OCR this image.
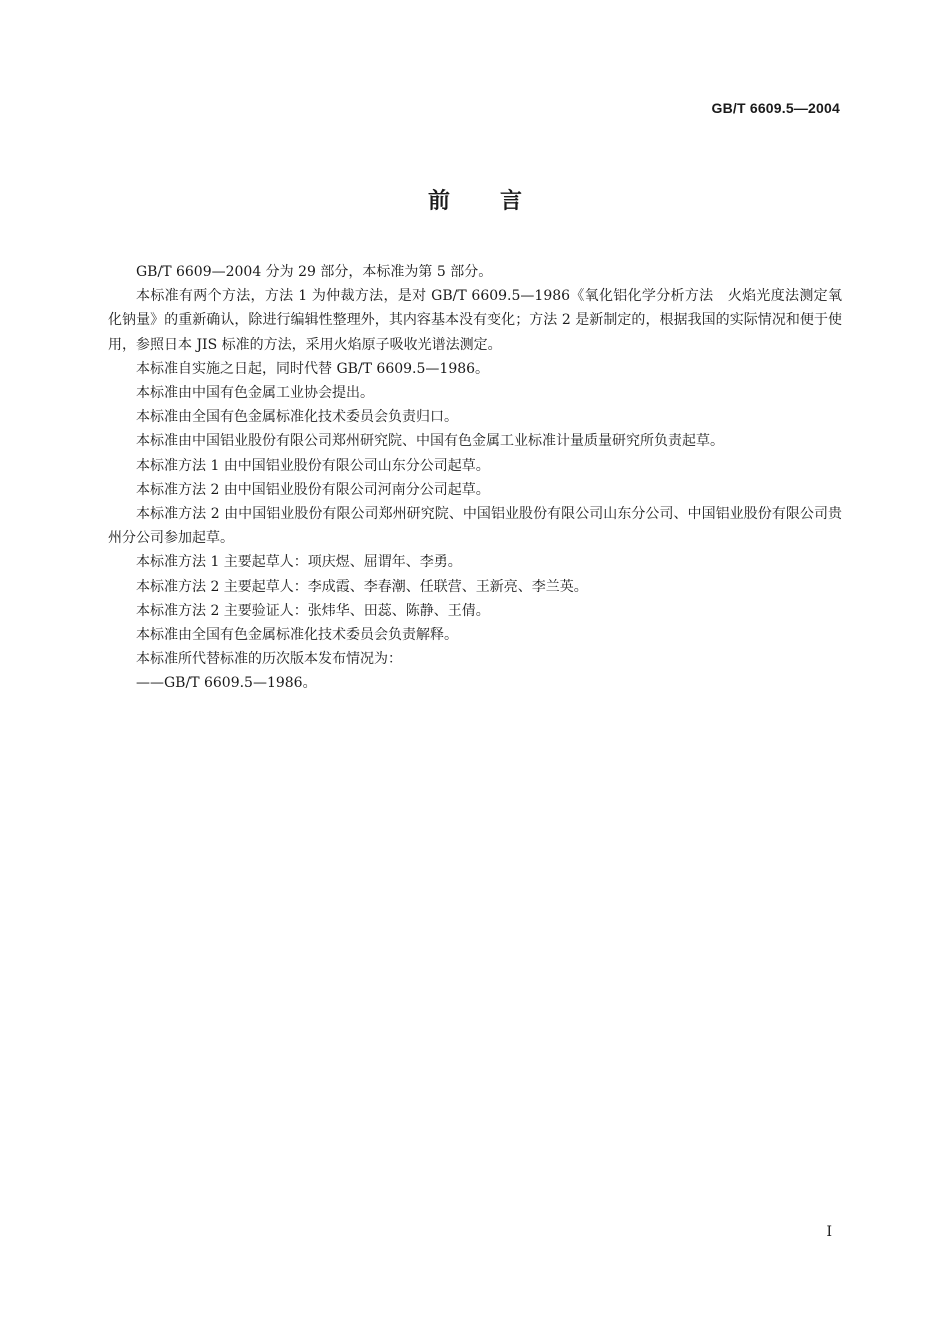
GB/T 6609.5—2004
前言

GB/T 6609—2004 分为 29 部分，本标准为第 5 部分。

本标准有两个方法，方法 1 为仲裁方法，是对 GB/T 6609.5—1986《氧化铝化学分析方法　火焰光度法测定氧化钠量》的重新确认，除进行编辑性整理外，其内容基本没有变化；方法 2 是新制定的，根据我国的实际情况和便于使用，参照日本 JIS 标准的方法，采用火焰原子吸收光谱法测定。

本标准自实施之日起，同时代替 GB/T 6609.5—1986。

本标准由中国有色金属工业协会提出。

本标准由全国有色金属标准化技术委员会负责归口。

本标准由中国铝业股份有限公司郑州研究院、中国有色金属工业标准计量质量研究所负责起草。

本标准方法 1 由中国铝业股份有限公司山东分公司起草。

本标准方法 2 由中国铝业股份有限公司河南分公司起草。

本标准方法 2 由中国铝业股份有限公司郑州研究院、中国铝业股份有限公司山东分公司、中国铝业股份有限公司贵州分公司参加起草。

本标准方法 1 主要起草人：项庆煜、屈谓年、李勇。

本标准方法 2 主要起草人：李成霞、李春潮、任联营、王新亮、李兰英。

本标准方法 2 主要验证人：张炜华、田蕊、陈静、王倩。

本标准由全国有色金属标准化技术委员会负责解释。

本标准所代替标准的历次版本发布情况为：

——GB/T 6609.5—1986。

I
